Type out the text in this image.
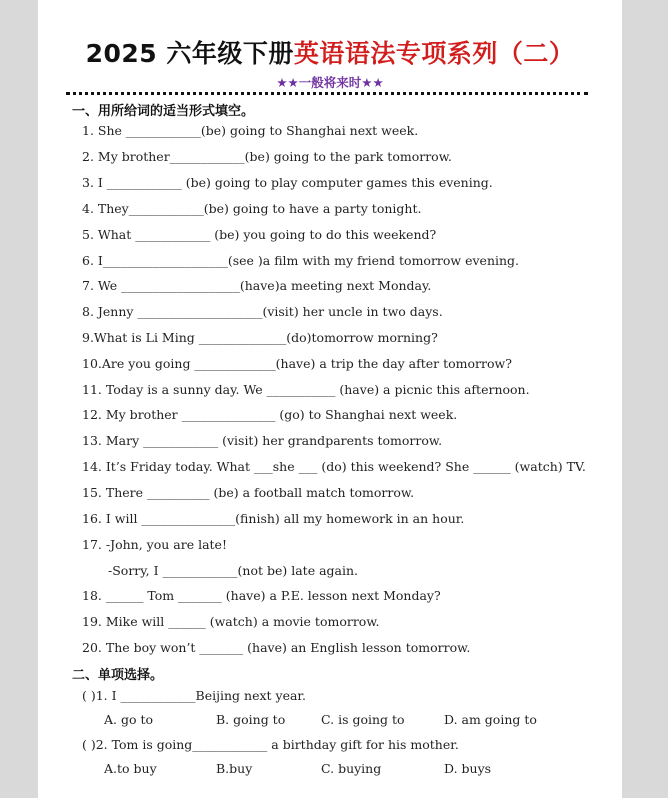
2025 六年级下册英语语法专项系列（二）
★★一般将来时★★
一、用所给词的适当形式填空。
1. She ____________(be) going to Shanghai next week.
2. My brother____________(be) going to the park tomorrow.
3. I ____________ (be) going to play computer games this evening.
4. They____________(be) going to have a party tonight.
5. What ____________ (be) you going to do this weekend?
6. I____________________(see )a film with my friend tomorrow evening.
7. We ___________________(have)a meeting next Monday.
8. Jenny ____________________(visit) her uncle in two days.
9.What is Li Ming ______________(do)tomorrow morning?
10.Are you going _____________(have) a trip the day after tomorrow?
11. Today is a sunny day. We ___________ (have) a picnic this afternoon.
12. My brother _______________ (go) to Shanghai next week.
13. Mary ____________ (visit) her grandparents tomorrow.
14. It’s Friday today. What ___she ___ (do) this weekend? She ______ (watch) TV.
15. There __________ (be) a football match tomorrow.
16. I will _______________(finish) all my homework in an hour.
17. -John, you are late!
-Sorry, I ____________(not be) late again.
18. ______ Tom _______ (have) a P.E. lesson next Monday?
19. Mike will ______ (watch) a movie tomorrow.
20. The boy won’t _______ (have) an English lesson tomorrow.
二、单项选择。
( )1. I ____________Beijing next year.
A. go to	B. going to	C. is going to	D. am going to
( )2. Tom is going____________ a birthday gift for his mother.
A.to buy	B.buy	C. buying	D. buys
